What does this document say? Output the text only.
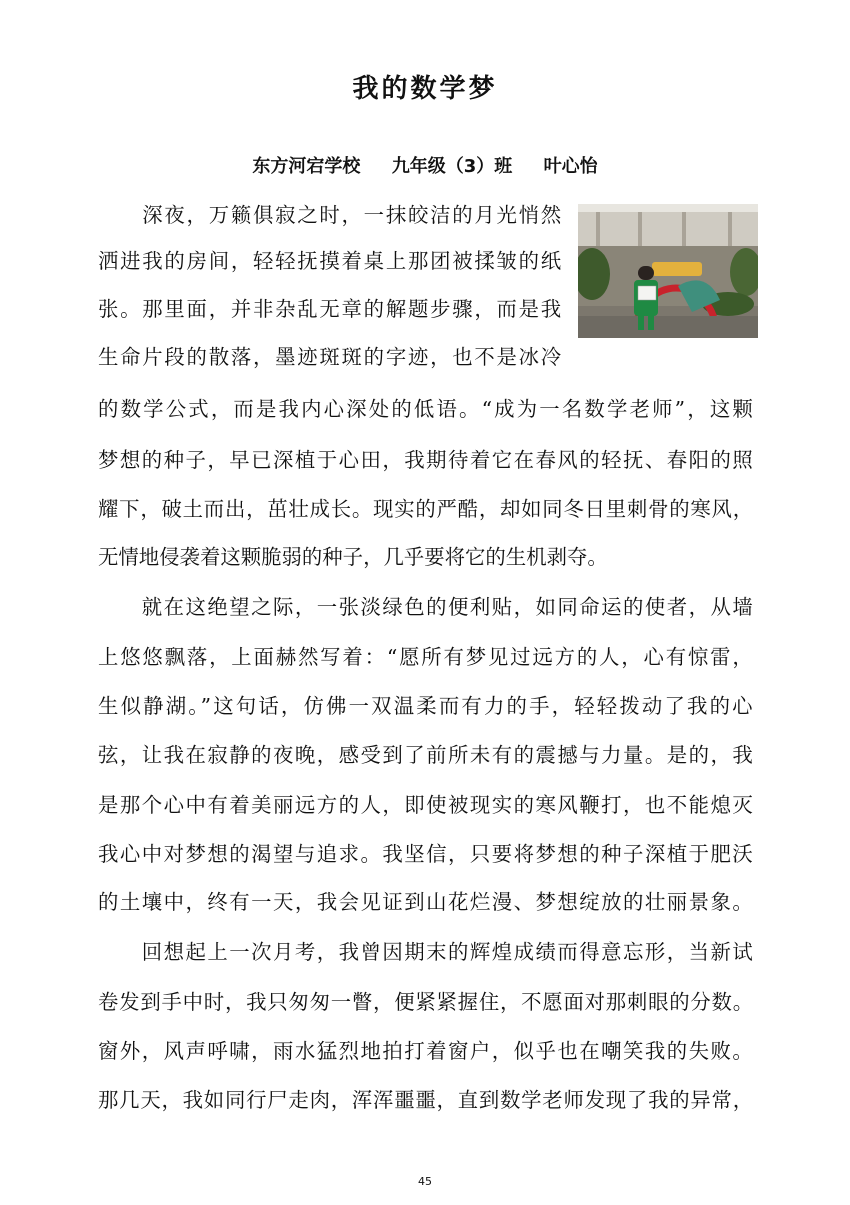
我的数学梦
东方河宕学校     九年级（3）班     叶心怡
　　深夜，万籁俱寂之时，一抹皎洁的月光悄然
洒进我的房间，轻轻抚摸着桌上那团被揉皱的纸
张。那里面，并非杂乱无章的解题步骤，而是我
生命片段的散落，墨迹斑斑的字迹，也不是冰冷
的数学公式，而是我内心深处的低语。“成为一名数学老师”，这颗
梦想的种子，早已深植于心田，我期待着它在春风的轻抚、春阳的照
耀下，破土而出，茁壮成长。现实的严酷，却如同冬日里刺骨的寒风，
无情地侵袭着这颗脆弱的种子，几乎要将它的生机剥夺。
　　就在这绝望之际，一张淡绿色的便利贴，如同命运的使者，从墙
上悠悠飘落，上面赫然写着：“愿所有梦见过远方的人，心有惊雷，
生似静湖。”这句话，仿佛一双温柔而有力的手，轻轻拨动了我的心
弦，让我在寂静的夜晚，感受到了前所未有的震撼与力量。是的，我
是那个心中有着美丽远方的人，即使被现实的寒风鞭打，也不能熄灭
我心中对梦想的渴望与追求。我坚信，只要将梦想的种子深植于肥沃
的土壤中，终有一天，我会见证到山花烂漫、梦想绽放的壮丽景象。
　　回想起上一次月考，我曾因期末的辉煌成绩而得意忘形，当新试
卷发到手中时，我只匆匆一瞥，便紧紧握住，不愿面对那刺眼的分数。
窗外，风声呼啸，雨水猛烈地拍打着窗户，似乎也在嘲笑我的失败。
那几天，我如同行尸走肉，浑浑噩噩，直到数学老师发现了我的异常，
45
